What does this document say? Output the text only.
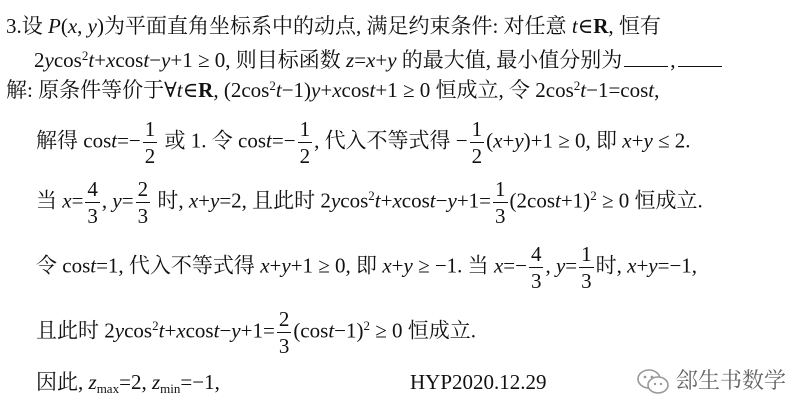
3.设 P(x, y)为平面直角坐标系中的动点, 满足约束条件: 对任意 t∈R, 恒有
2ycos$^2$t+xcost−y+1 ≥ 0, 则目标函数 z=x+y 的最大值, 最小值分别为 ,
解: 原条件等价于∀t∈R, $(2\cos^2t-1)y+xcost+1 \ge 0$ 恒成立, 令 $2\cos^2t-1=\cos t$,
解得 $\cos t=- \frac{1}{2}$ 或 1. 令 $\cos t=- \frac{1}{2}$ , 代入不等式得 − $\frac{1}{2} (x+y)+1 \ge 0$, 即 x+y ≤ 2.
当 $x= \frac{4}{3}$ , $y= \frac{2}{3}$ 时, x+y=2, 且此时 $2ycos^2t+xcost-y+1= \frac{1}{3} (2\cos t+1)^2 \ge 0$ 恒成立.
令 cost=1, 代入不等式得 x+y+1 ≥ 0, 即 x+y ≥ −1. 当 $x=- \frac{4}{3}$ , $y= \frac{1}{3}$ 时, x+y=−1,
且此时 $2ycos^2t+xcost-y+1= \frac{2}{3} (\cos t-1)^2 \ge 0$ 恒成立.
因此, $z_{max}=2$, $z_{min}=-1$,	HYP2020.12.29	郐生书数学
